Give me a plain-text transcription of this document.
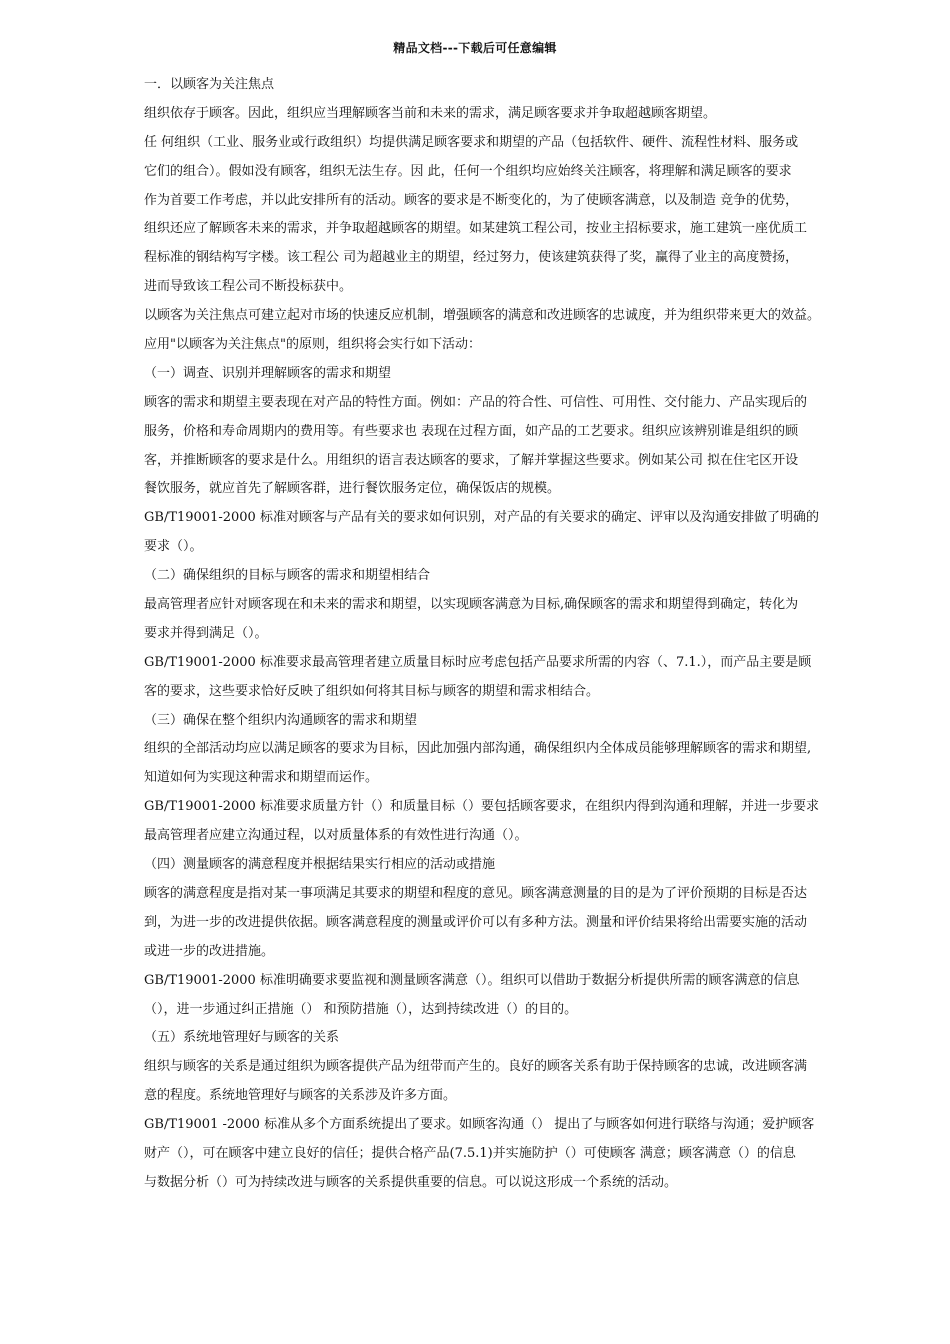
精品文档---下载后可任意编辑
一．以顾客为关注焦点
组织依存于顾客。因此，组织应当理解顾客当前和未来的需求，满足顾客要求并争取超越顾客期望。
任 何组织（工业、服务业或行政组织）均提供满足顾客要求和期望的产品（包括软件、硬件、流程性材料、服务或
它们的组合）。假如没有顾客，组织无法生存。因 此，任何一个组织均应始终关注顾客，将理解和满足顾客的要求
作为首要工作考虑，并以此安排所有的活动。顾客的要求是不断变化的，为了使顾客满意，以及制造 竞争的优势，
组织还应了解顾客未来的需求，并争取超越顾客的期望。如某建筑工程公司，按业主招标要求，施工建筑一座优质工
程标准的钢结构写字楼。该工程公 司为超越业主的期望，经过努力，使该建筑获得了奖，赢得了业主的高度赞扬，
进而导致该工程公司不断投标获中。
以顾客为关注焦点可建立起对市场的快速反应机制，增强顾客的满意和改进顾客的忠诚度，并为组织带来更大的效益。
应用"以顾客为关注焦点"的原则，组织将会实行如下活动：
（一）调查、识别并理解顾客的需求和期望
顾客的需求和期望主要表现在对产品的特性方面。例如：产品的符合性、可信性、可用性、交付能力、产品实现后的
服务，价格和寿命周期内的费用等。有些要求也 表现在过程方面，如产品的工艺要求。组织应该辨别谁是组织的顾
客，并推断顾客的要求是什么。用组织的语言表达顾客的要求，了解并掌握这些要求。例如某公司 拟在住宅区开设
餐饮服务，就应首先了解顾客群，进行餐饮服务定位，确保饭店的规模。
GB/T19001-2000 标准对顾客与产品有关的要求如何识别，对产品的有关要求的确定、评审以及沟通安排做了明确的
要求（）。
（二）确保组织的目标与顾客的需求和期望相结合
最高管理者应针对顾客现在和未来的需求和期望，以实现顾客满意为目标,确保顾客的需求和期望得到确定，转化为
要求并得到满足（）。
GB/T19001-2000 标准要求最高管理者建立质量目标时应考虑包括产品要求所需的内容（、7.1.），而产品主要是顾
客的要求，这些要求恰好反映了组织如何将其目标与顾客的期望和需求相结合。
（三）确保在整个组织内沟通顾客的需求和期望
组织的全部活动均应以满足顾客的要求为目标，因此加强内部沟通，确保组织内全体成员能够理解顾客的需求和期望,
知道如何为实现这种需求和期望而运作。
GB/T19001-2000 标准要求质量方针（）和质量目标（）要包括顾客要求，在组织内得到沟通和理解，并进一步要求
最高管理者应建立沟通过程，以对质量体系的有效性进行沟通（）。
（四）测量顾客的满意程度并根据结果实行相应的活动或措施
顾客的满意程度是指对某一事项满足其要求的期望和程度的意见。顾客满意测量的目的是为了评价预期的目标是否达
到，为进一步的改进提供依据。顾客满意程度的测量或评价可以有多种方法。测量和评价结果将给出需要实施的活动
或进一步的改进措施。
GB/T19001-2000 标准明确要求要监视和测量顾客满意（）。组织可以借助于数据分析提供所需的顾客满意的信息
（），进一步通过纠正措施（） 和预防措施（），达到持续改进（）的目的。
（五）系统地管理好与顾客的关系
组织与顾客的关系是通过组织为顾客提供产品为纽带而产生的。良好的顾客关系有助于保持顾客的忠诚，改进顾客满
意的程度。系统地管理好与顾客的关系涉及许多方面。
GB/T19001 -2000 标准从多个方面系统提出了要求。如顾客沟通（） 提出了与顾客如何进行联络与沟通；爱护顾客
财产（），可在顾客中建立良好的信任；提供合格产品(7.5.1)并实施防护（）可使顾客 满意；顾客满意（）的信息
与数据分析（）可为持续改进与顾客的关系提供重要的信息。可以说这形成一个系统的活动。
